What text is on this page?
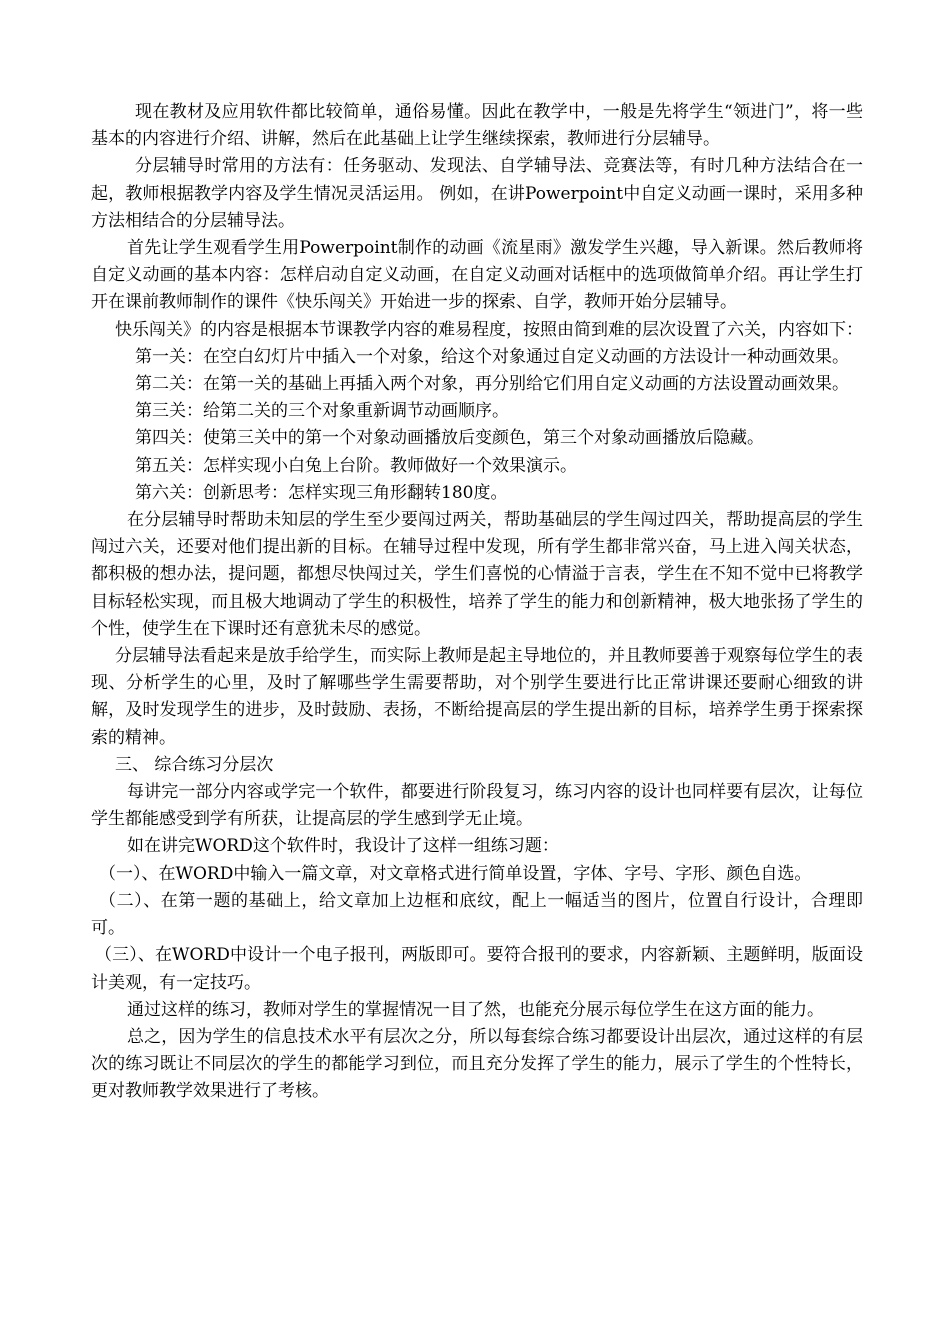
现在教材及应用软件都比较简单，通俗易懂。因此在教学中，一般是先将学生“领进门”，将一些基本的内容进行介绍、讲解，然后在此基础上让学生继续探索，教师进行分层辅导。

分层辅导时常用的方法有：任务驱动、发现法、自学辅导法、竞赛法等，有时几种方法结合在一起，教师根据教学内容及学生情况灵活运用。 例如，在讲Powerpoint中自定义动画一课时，采用多种方法相结合的分层辅导法。

首先让学生观看学生用Powerpoint制作的动画《流星雨》激发学生兴趣，导入新课。然后教师将自定义动画的基本内容：怎样启动自定义动画，在自定义动画对话框中的选项做简单介绍。再让学生打开在课前教师制作的课件《快乐闯关》开始进一步的探索、自学，教师开始分层辅导。

快乐闯关》的内容是根据本节课教学内容的难易程度，按照由简到难的层次设置了六关，内容如下：

第一关：在空白幻灯片中插入一个对象，给这个对象通过自定义动画的方法设计一种动画效果。

第二关：在第一关的基础上再插入两个对象，再分别给它们用自定义动画的方法设置动画效果。

第三关：给第二关的三个对象重新调节动画顺序。

第四关：使第三关中的第一个对象动画播放后变颜色，第三个对象动画播放后隐藏。

第五关：怎样实现小白兔上台阶。教师做好一个效果演示。

第六关：创新思考：怎样实现三角形翻转180度。

在分层辅导时帮助未知层的学生至少要闯过两关，帮助基础层的学生闯过四关，帮助提高层的学生闯过六关，还要对他们提出新的目标。在辅导过程中发现，所有学生都非常兴奋，马上进入闯关状态，都积极的想办法，提问题，都想尽快闯过关，学生们喜悦的心情溢于言表，学生在不知不觉中已将教学目标轻松实现，而且极大地调动了学生的积极性，培养了学生的能力和创新精神，极大地张扬了学生的个性，使学生在下课时还有意犹未尽的感觉。

分层辅导法看起来是放手给学生，而实际上教师是起主导地位的，并且教师要善于观察每位学生的表现、分析学生的心里，及时了解哪些学生需要帮助，对个别学生要进行比正常讲课还要耐心细致的讲解，及时发现学生的进步，及时鼓励、表扬，不断给提高层的学生提出新的目标，培养学生勇于探索探索的精神。

三、 综合练习分层次

每讲完一部分内容或学完一个软件，都要进行阶段复习，练习内容的设计也同样要有层次，让每位学生都能感受到学有所获，让提高层的学生感到学无止境。

如在讲完WORD这个软件时，我设计了这样一组练习题：

（一）、在WORD中输入一篇文章，对文章格式进行简单设置，字体、字号、字形、颜色自选。

（二）、在第一题的基础上，给文章加上边框和底纹，配上一幅适当的图片，位置自行设计，合理即可。

（三）、在WORD中设计一个电子报刊，两版即可。要符合报刊的要求，内容新颖、主题鲜明，版面设计美观，有一定技巧。

通过这样的练习，教师对学生的掌握情况一目了然，也能充分展示每位学生在这方面的能力。

总之，因为学生的信息技术水平有层次之分，所以每套综合练习都要设计出层次，通过这样的有层次的练习既让不同层次的学生的都能学习到位，而且充分发挥了学生的能力，展示了学生的个性特长，更对教师教学效果进行了考核。
